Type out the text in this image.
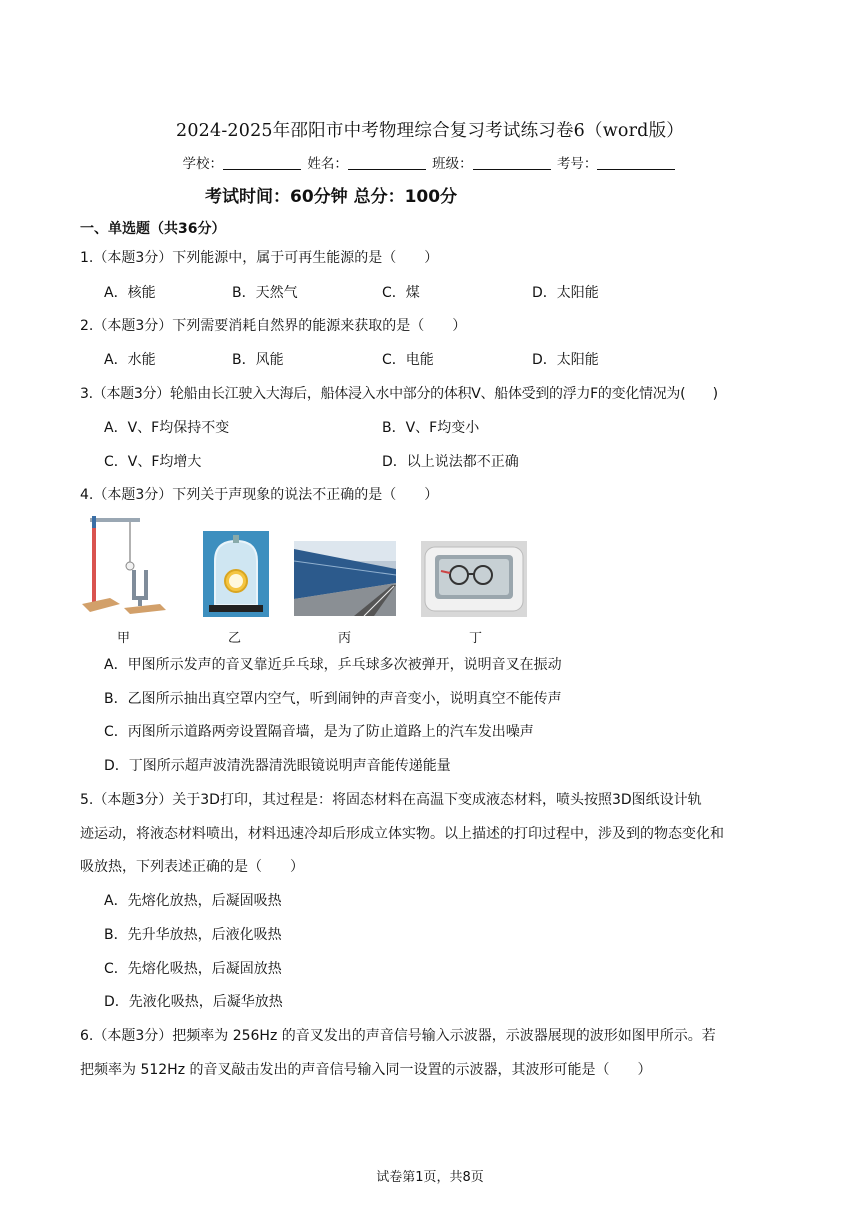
2024-2025年邵阳市中考物理综合复习考试练习卷6（word版）
学校：	姓名：	班级：	考号：
考试时间：60分钟 总分：100分
一、单选题（共36分）
1.（本题3分）下列能源中，属于可再生能源的是（　　）
A．核能	B．天然气	C．煤	D．太阳能
2.（本题3分）下列需要消耗自然界的能源来获取的是（　　）
A．水能	B．风能	C．电能	D．太阳能
3.（本题3分）轮船由长江驶入大海后，船体浸入水中部分的体积V、船体受到的浮力F的变化情况为(　　)
A．V、F均保持不变	B．V、F均变小
C．V、F均增大	D．以上说法都不正确
4.（本题3分）下列关于声现象的说法不正确的是（　　）
甲	乙	丙	丁
A．甲图所示发声的音叉靠近乒乓球，乒乓球多次被弹开，说明音叉在振动
B．乙图所示抽出真空罩内空气，听到闹钟的声音变小，说明真空不能传声
C．丙图所示道路两旁设置隔音墙，是为了防止道路上的汽车发出噪声
D．丁图所示超声波清洗器清洗眼镜说明声音能传递能量
5.（本题3分）关于3D打印，其过程是：将固态材料在高温下变成液态材料，喷头按照3D图纸设计轨
迹运动，将液态材料喷出，材料迅速冷却后形成立体实物。以上描述的打印过程中，涉及到的物态变化和
吸放热，下列表述正确的是（　　）
A．先熔化放热，后凝固吸热
B．先升华放热，后液化吸热
C．先熔化吸热，后凝固放热
D．先液化吸热，后凝华放热
6.（本题3分）把频率为 256Hz 的音叉发出的声音信号输入示波器，示波器展现的波形如图甲所示。若
把频率为 512Hz 的音叉敲击发出的声音信号输入同一设置的示波器，其波形可能是（　　）
试卷第1页，共8页
